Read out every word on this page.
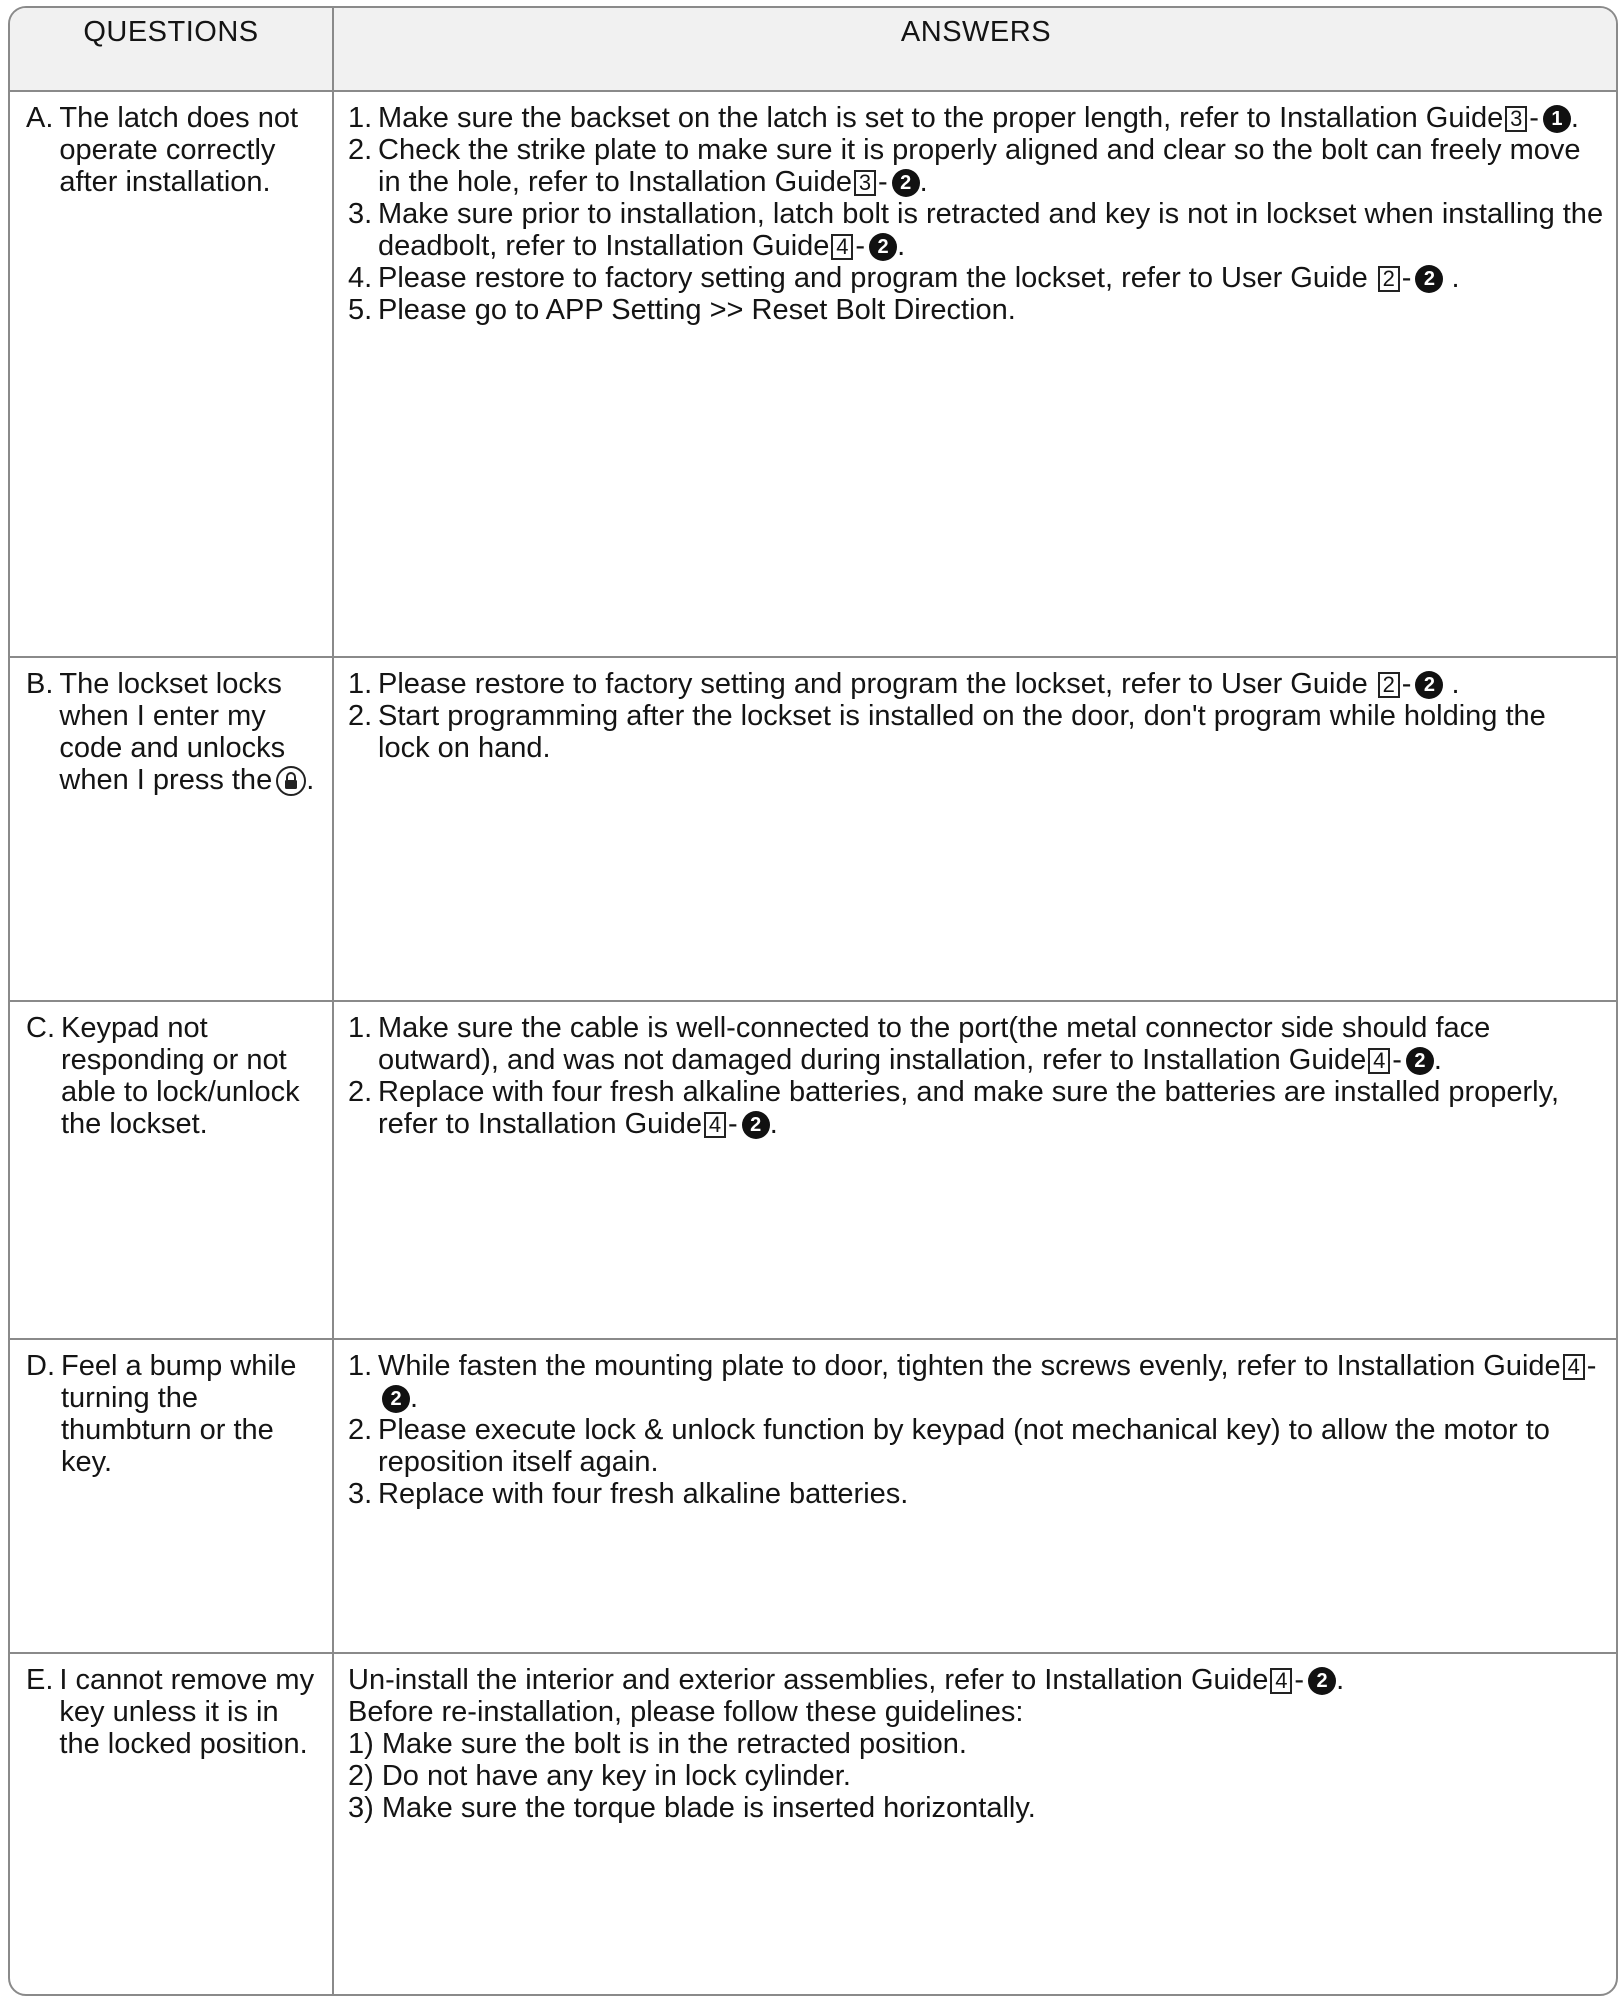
QUESTIONS	ANSWERS
A. The latch does not operate correctly after installation.
1. Make sure the backset on the latch is set to the proper length, refer to Installation Guide 3 - 1 .
2. Check the strike plate to make sure it is properly aligned and clear so the bolt can freely move in the hole, refer to Installation Guide 3 - 2 .
3. Make sure prior to installation, latch bolt is retracted and key is not in lockset when installing the deadbolt, refer to Installation Guide 4 - 2 .
4. Please restore to factory setting and program the lockset, refer to User Guide 2 - 2 .
5. Please go to APP Setting >> Reset Bolt Direction.
B. The lockset locks when I enter my code and unlocks when I press the .
1. Please restore to factory setting and program the lockset, refer to User Guide 2 - 2 .
2. Start programming after the lockset is installed on the door, don't program while holding the lock on hand.
C. Keypad not responding or not able to lock/unlock the lockset.
1. Make sure the cable is well-connected to the port(the metal connector side should face outward), and was not damaged during installation, refer to Installation Guide 4 - 2 .
2. Replace with four fresh alkaline batteries, and make sure the batteries are installed properly, refer to Installation Guide 4 - 2 .
D. Feel a bump while turning the thumbturn or the key.
1. While fasten the mounting plate to door, tighten the screws evenly, refer to Installation Guide 4 -2 .
2. Please execute lock & unlock function by keypad (not mechanical key) to allow the motor to reposition itself again.
3. Replace with four fresh alkaline batteries.
E. I cannot remove my key unless it is in the locked position.
Un-install the interior and exterior assemblies, refer to Installation Guide 4 - 2 .
Before re-installation, please follow these guidelines:
1) Make sure the bolt is in the retracted position.
2) Do not have any key in lock cylinder.
3) Make sure the torque blade is inserted horizontally.
